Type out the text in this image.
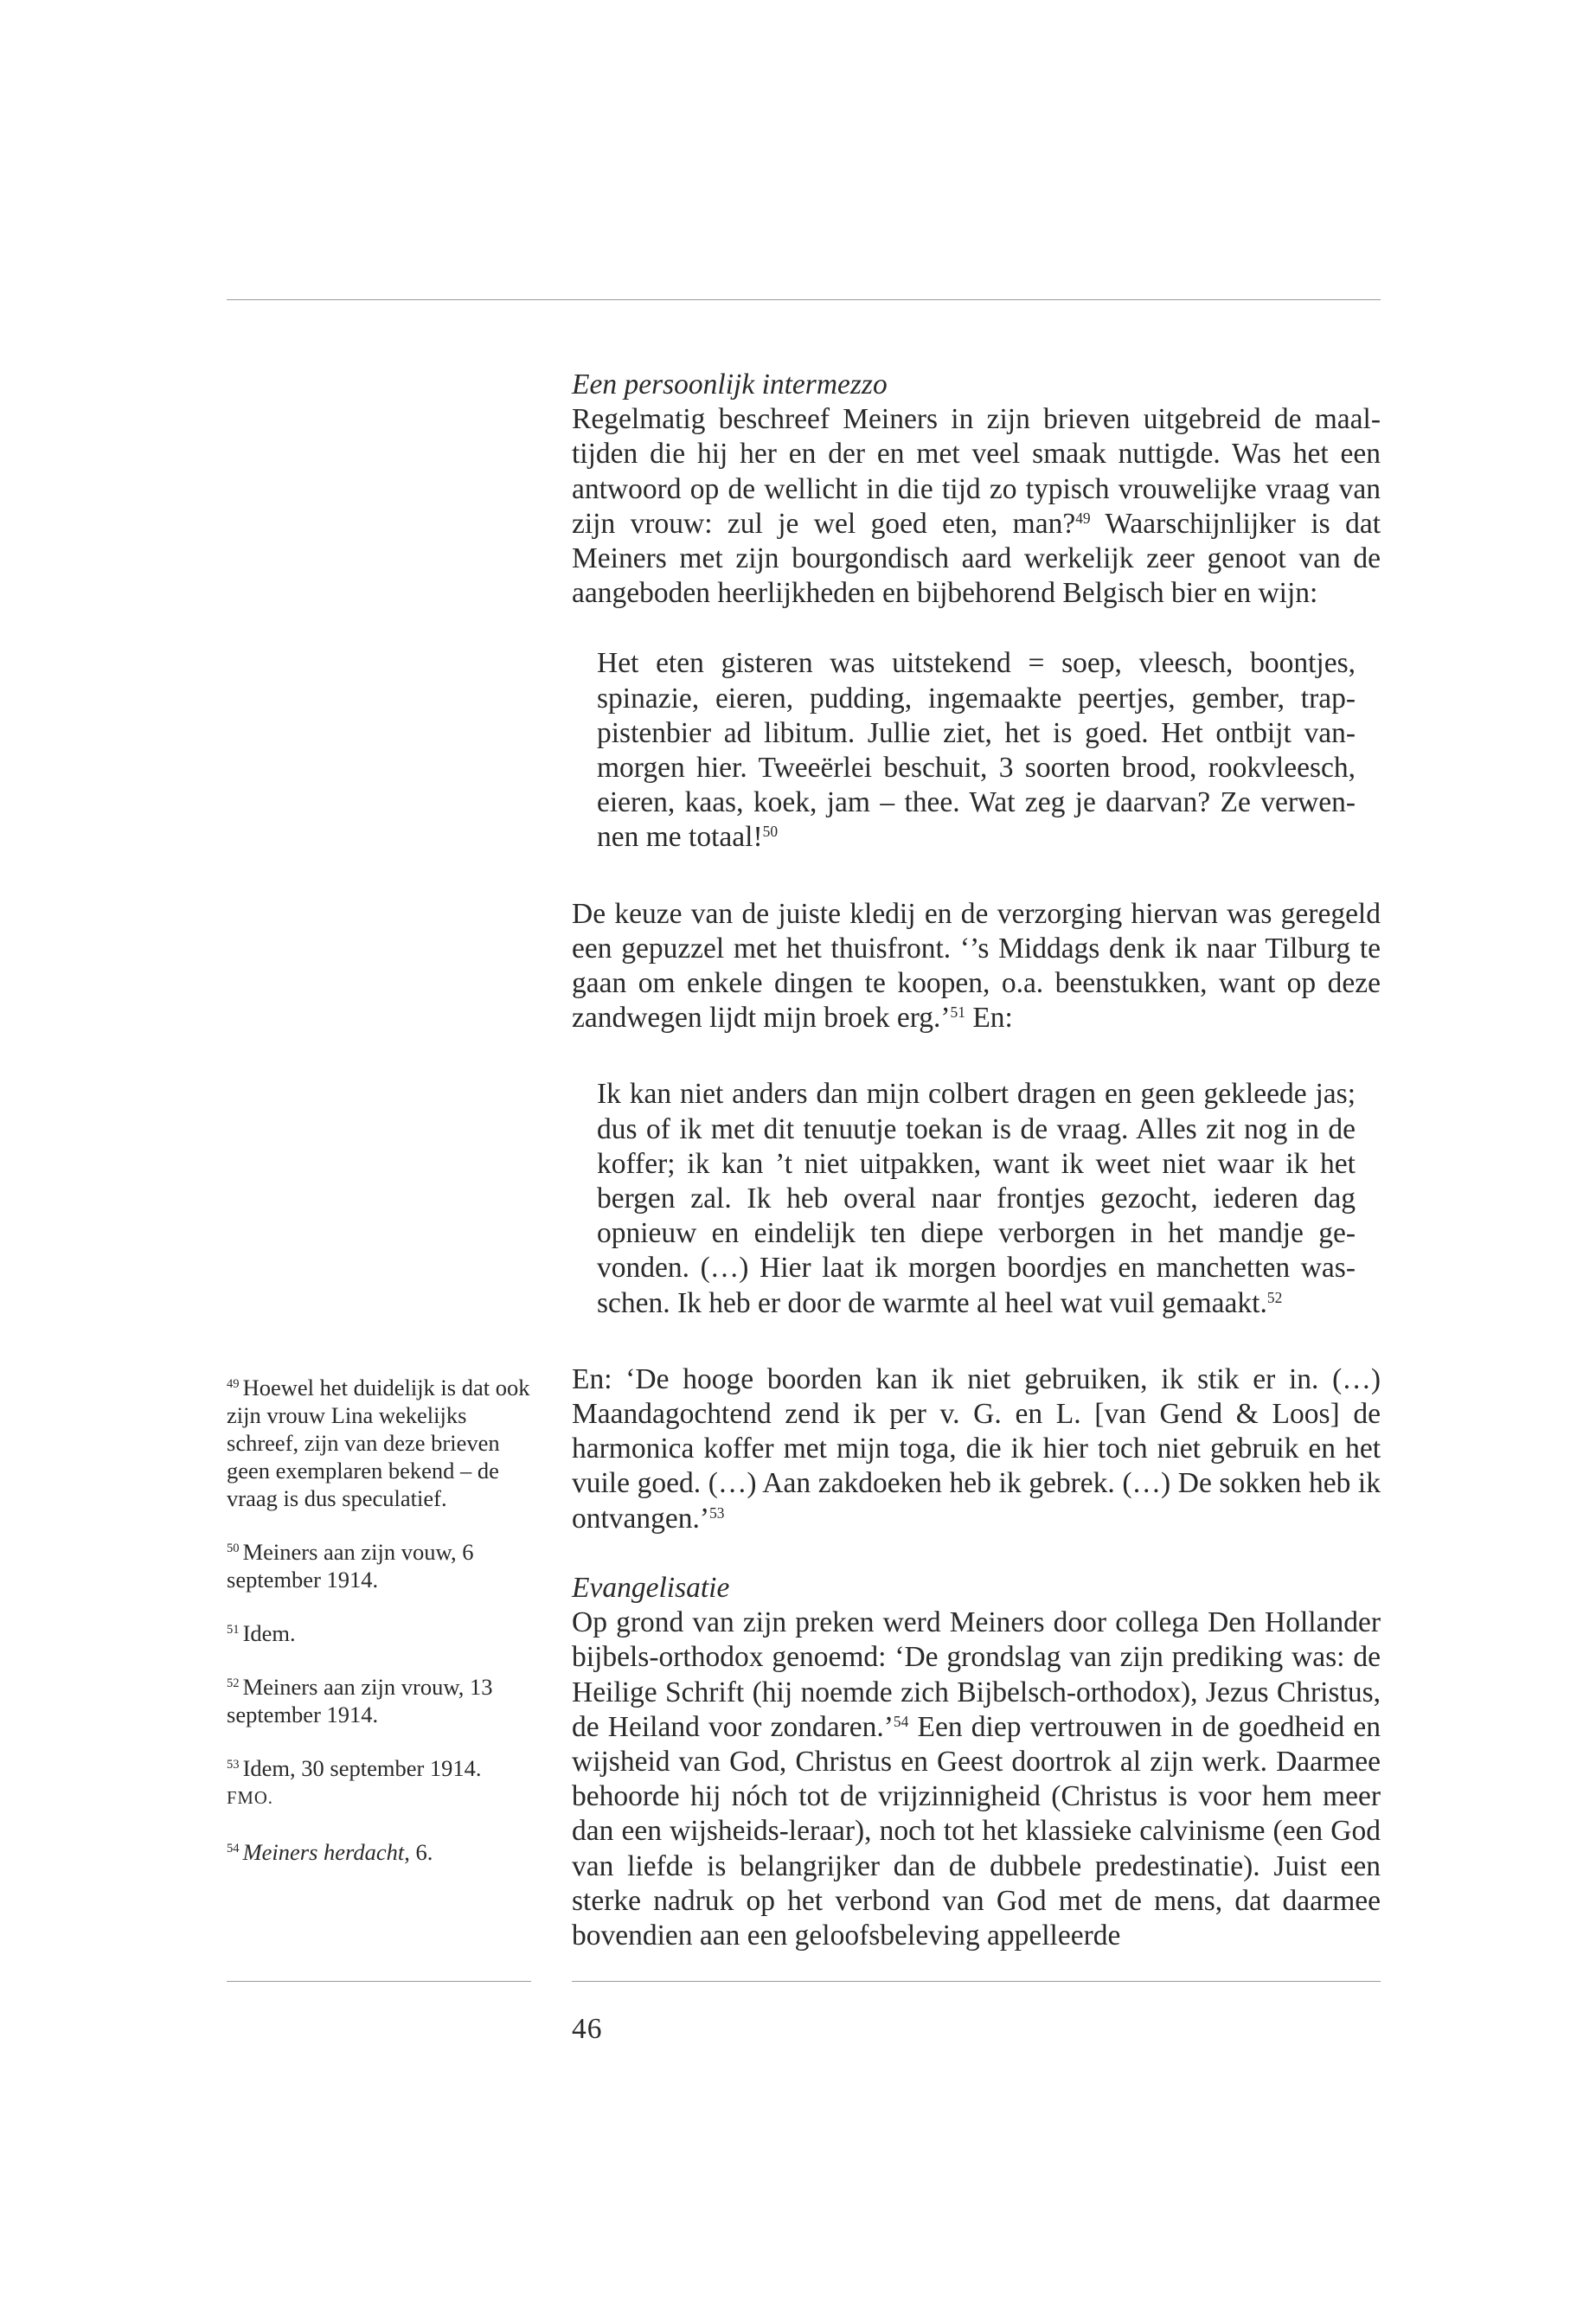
Een persoonlijk intermezzo

Regelmatig beschreef Meiners in zijn brieven uitgebreid de maaltijden die hij her en der en met veel smaak nuttigde. Was het een antwoord op de wellicht in die tijd zo typisch vrouwelijke vraag van zijn vrouw: zul je wel goed eten, man?$^{49}$ Waarschijnlijker is dat Meiners met zijn bourgondisch aard werkelijk zeer genoot van de aangeboden heerlijkheden en bijbehorend Belgisch bier en wijn:

Het eten gisteren was uitstekend = soep, vleesch, boontjes, spinazie, eieren, pudding, ingemaakte peertjes, gember, trappistenbier ad libitum. Jullie ziet, het is goed. Het ontbijt vanmorgen hier. Tweeërlei beschuit, 3 soorten brood, rookvleesch, eieren, kaas, koek, jam – thee. Wat zeg je daarvan? Ze verwennen me totaal!$^{50}$

De keuze van de juiste kledij en de verzorging hiervan was geregeld een gepuzzel met het thuisfront. ‘’s Middags denk ik naar Tilburg te gaan om enkele dingen te koopen, o.a. beenstukken, want op deze zandwegen lijdt mijn broek erg.’$^{51}$ En:

Ik kan niet anders dan mijn colbert dragen en geen gekleede jas; dus of ik met dit tenuutje toekan is de vraag. Alles zit nog in de koffer; ik kan ’t niet uitpakken, want ik weet niet waar ik het bergen zal. Ik heb overal naar frontjes gezocht, iederen dag opnieuw en eindelijk ten diepe verborgen in het mandje gevonden. (…) Hier laat ik morgen boordjes en manchetten wasschen. Ik heb er door de warmte al heel wat vuil gemaakt.$^{52}$

En: ‘De hooge boorden kan ik niet gebruiken, ik stik er in. (…) Maandagochtend zend ik per v. G. en L. [van Gend & Loos] de harmonica koffer met mijn toga, die ik hier toch niet gebruik en het vuile goed. (…) Aan zakdoeken heb ik gebrek. (…) De sokken heb ik ontvangen.’$^{53}$

Evangelisatie

Op grond van zijn preken werd Meiners door collega Den Hollander bijbels-orthodox genoemd: ‘De grondslag van zijn prediking was: de Heilige Schrift (hij noemde zich Bijbelsch-orthodox), Jezus Christus, de Heiland voor zondaren.’$^{54}$ Een diep vertrouwen in de goedheid en wijsheid van God, Christus en Geest doortrok al zijn werk. Daarmee behoorde hij nóch tot de vrijzinnigheid (Christus is voor hem meer dan een wijsheids-leraar), noch tot het klassieke calvinisme (een God van liefde is belangrijker dan de dubbele predestinatie). Juist een sterke nadruk op het verbond van God met de mens, dat daarmee bovendien aan een geloofsbeleving appelleerde

$^{49}$ Hoewel het duidelijk is dat ook zijn vrouw Lina wekelijks schreef, zijn van deze brieven geen exemplaren bekend – de vraag is dus speculatief.

$^{50}$ Meiners aan zijn vouw, 6 september 1914.

$^{51}$ Idem.

$^{52}$ Meiners aan zijn vrouw, 13 september 1914.

$^{53}$ Idem, 30 september 1914.
FMO.

$^{54}$ Meiners herdacht, 6.

46
